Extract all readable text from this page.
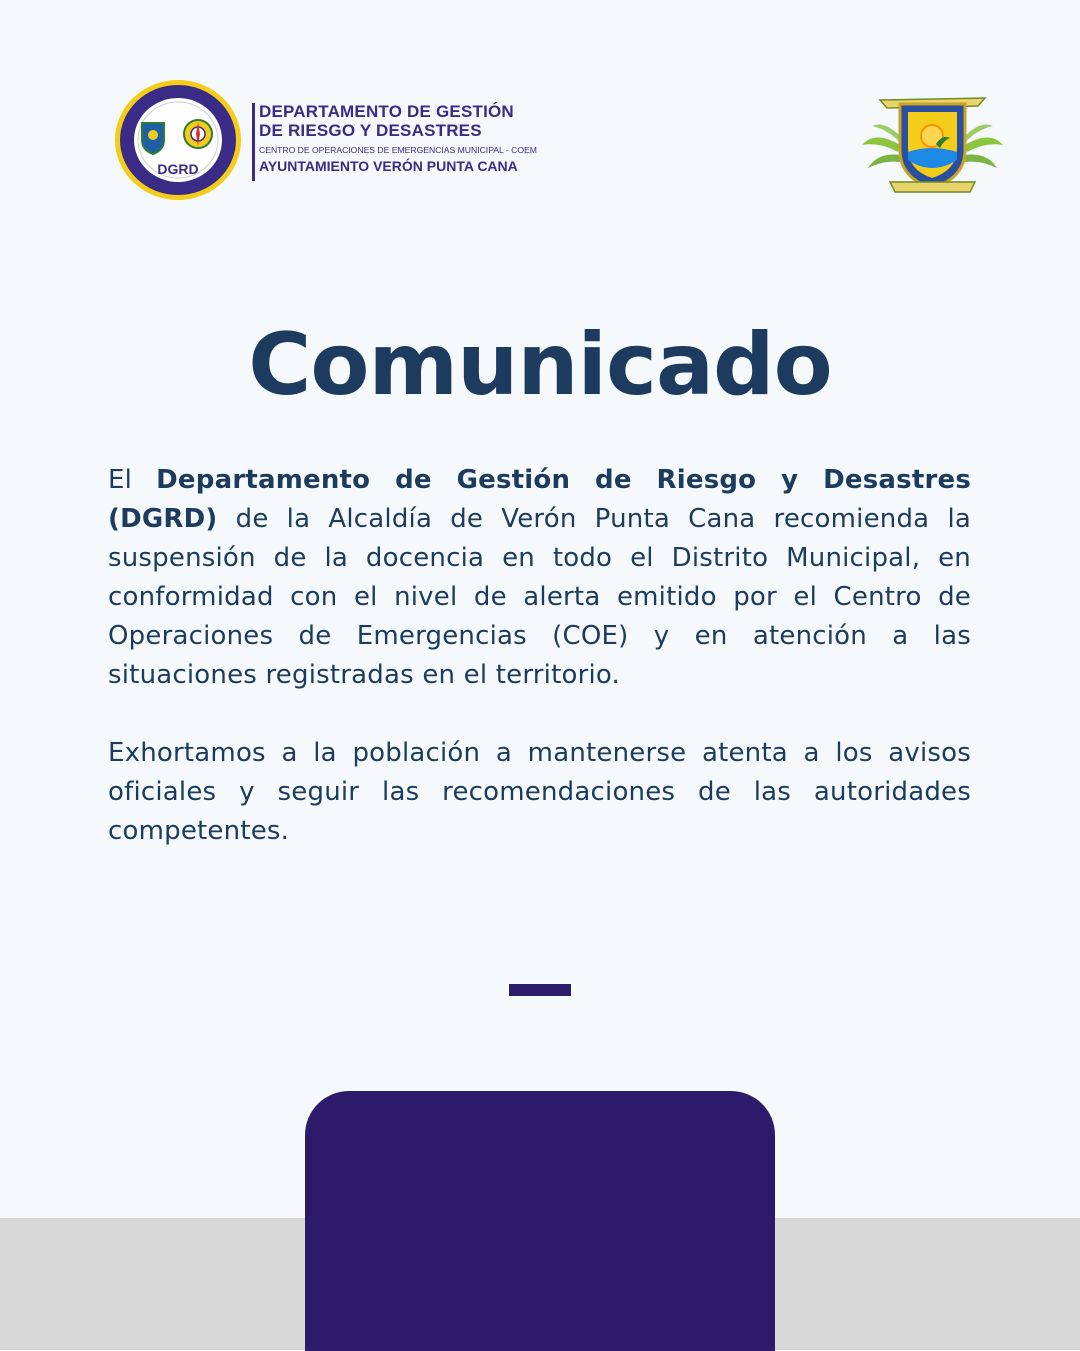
DGRD
DEPARTAMENTO DE GESTIÓN
DE RIESGO Y DESASTRES
CENTRO DE OPERACIONES DE EMERGENCIAS MUNICIPAL - COEM
AYUNTAMIENTO VERÓN PUNTA CANA
Comunicado

El Departamento de Gestión de Riesgo y Desastres (DGRD) de la Alcaldía de Verón Punta Cana recomienda la suspensión de la docencia en todo el Distrito Municipal, en conformidad con el nivel de alerta emitido por el Centro de Operaciones de Emergencias (COE) y en atención a las situaciones registradas en el territorio.

Exhortamos a la población a mantenerse atenta a los avisos oficiales y seguir las recomendaciones de las autoridades competentes.
